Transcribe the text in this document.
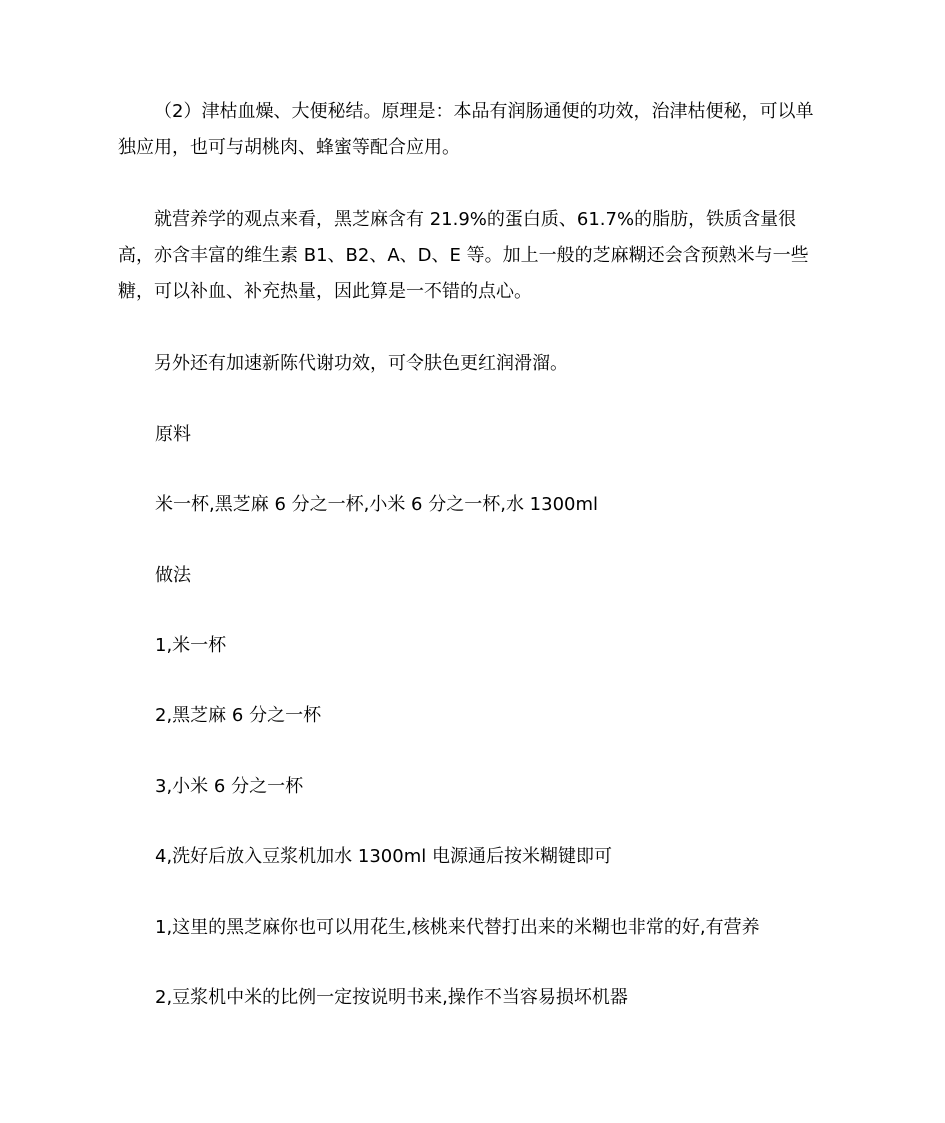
（2）津枯血燥、大便秘结。原理是：本品有润肠通便的功效，治津枯便秘，可以单独应用，也可与胡桃肉、蜂蜜等配合应用。

就营养学的观点来看，黑芝麻含有 21.9%的蛋白质、61.7%的脂肪，铁质含量很高，亦含丰富的维生素 B1、B2、A、D、E 等。加上一般的芝麻糊还会含预熟米与一些糖，可以补血、补充热量，因此算是一不错的点心。

另外还有加速新陈代谢功效，可令肤色更红润滑溜。

原料

米一杯,黑芝麻 6 分之一杯,小米 6 分之一杯,水 1300ml

做法

1,米一杯

2,黑芝麻 6 分之一杯

3,小米 6 分之一杯

4,洗好后放入豆浆机加水 1300ml 电源通后按米糊键即可

1,这里的黑芝麻你也可以用花生,核桃来代替打出来的米糊也非常的好,有营养

2,豆浆机中米的比例一定按说明书来,操作不当容易损坏机器
